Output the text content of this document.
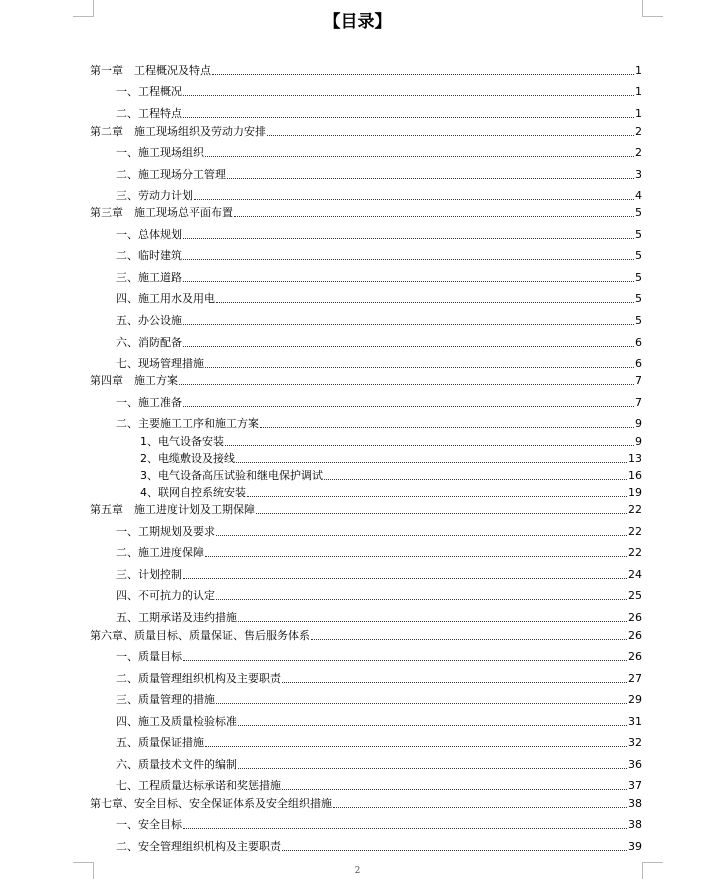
【目录】
第一章　工程概况及特点	1
一、工程概况	1
二、工程特点	1
第二章　施工现场组织及劳动力安排	2
一、施工现场组织	2
二、施工现场分工管理	3
三、劳动力计划	4
第三章　施工现场总平面布置	5
一、总体规划	5
二、临时建筑	5
三、施工道路	5
四、施工用水及用电	5
五、办公设施	5
六、消防配备	6
七、现场管理措施	6
第四章　施工方案	7
一、施工准备	7
二、主要施工工序和施工方案	9
1、电气设备安装	9
2、电缆敷设及接线	13
3、电气设备高压试验和继电保护调试	16
4、联网自控系统安装	19
第五章　施工进度计划及工期保障	22
一、工期规划及要求	22
二、施工进度保障	22
三、计划控制	24
四、不可抗力的认定	25
五、工期承诺及违约措施	26
第六章、质量目标、质量保证、售后服务体系	26
一、质量目标	26
二、质量管理组织机构及主要职责	27
三、质量管理的措施	29
四、施工及质量检验标准	31
五、质量保证措施	32
六、质量技术文件的编制	36
七、工程质量达标承诺和奖惩措施	37
第七章、安全目标、安全保证体系及安全组织措施	38
一、安全目标	38
二、安全管理组织机构及主要职责	39
2
